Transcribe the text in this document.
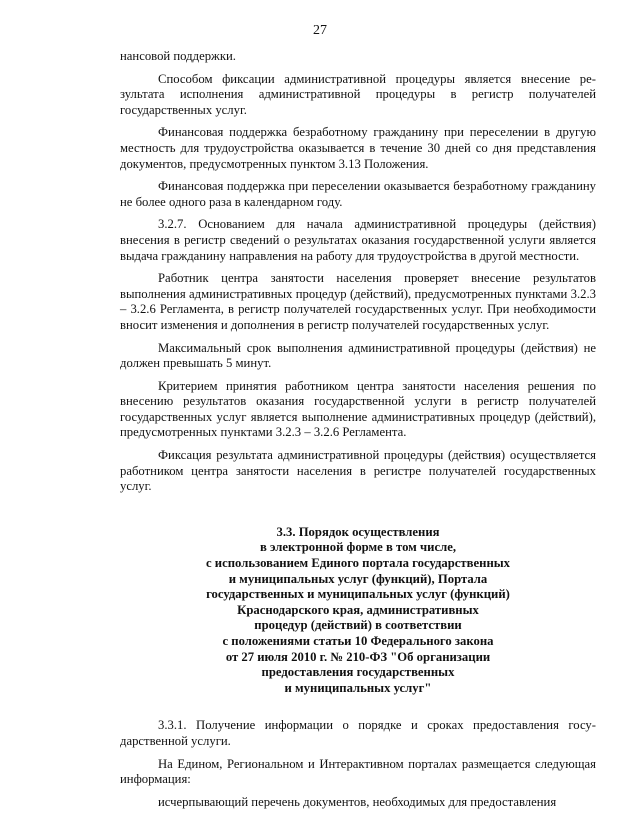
27

нансовой поддержки.

Способом фиксации административной процедуры является внесение результата исполнения административной процедуры в регистр получателей государственных услуг.

Финансовая поддержка безработному гражданину при переселении в другую местность для трудоустройства оказывается в течение 30 дней со дня представления документов, предусмотренных пунктом 3.13 Положения.

Финансовая поддержка при переселении оказывается безработному гражданину не более одного раза в календарном году.

3.2.7. Основанием для начала административной процедуры (действия) внесения в регистр сведений о результатах оказания государственной услуги является выдача гражданину направления на работу для трудоустройства в другой местности.

Работник центра занятости населения проверяет внесение результатов выполнения административных процедур (действий), предусмотренных пунктами 3.2.3 – 3.2.6 Регламента, в регистр получателей государственных услуг. При необходимости вносит изменения и дополнения в регистр получателей государственных услуг.

Максимальный срок выполнения административной процедуры (действия) не должен превышать 5 минут.

Критерием принятия работником центра занятости населения решения по внесению результатов оказания государственной услуги в регистр получателей государственных услуг является выполнение административных процедур (действий), предусмотренных пунктами 3.2.3 – 3.2.6 Регламента.

Фиксация результата административной процедуры (действия) осуществляется работником центра занятости населения в регистре получателей государственных услуг.

3.3. Порядок осуществления
в электронной форме в том числе,
с использованием Единого портала государственных
и муниципальных услуг (функций), Портала
государственных и муниципальных услуг (функций)
Краснодарского края, административных
процедур (действий) в соответствии
с положениями статьи 10 Федерального закона
от 27 июля 2010 г. № 210-ФЗ "Об организации
предоставления государственных
и муниципальных услуг"

3.3.1. Получение информации о порядке и сроках предоставления государственной услуги.

На Едином, Региональном и Интерактивном порталах размещается следующая информация:

исчерпывающий перечень документов, необходимых для предоставления
